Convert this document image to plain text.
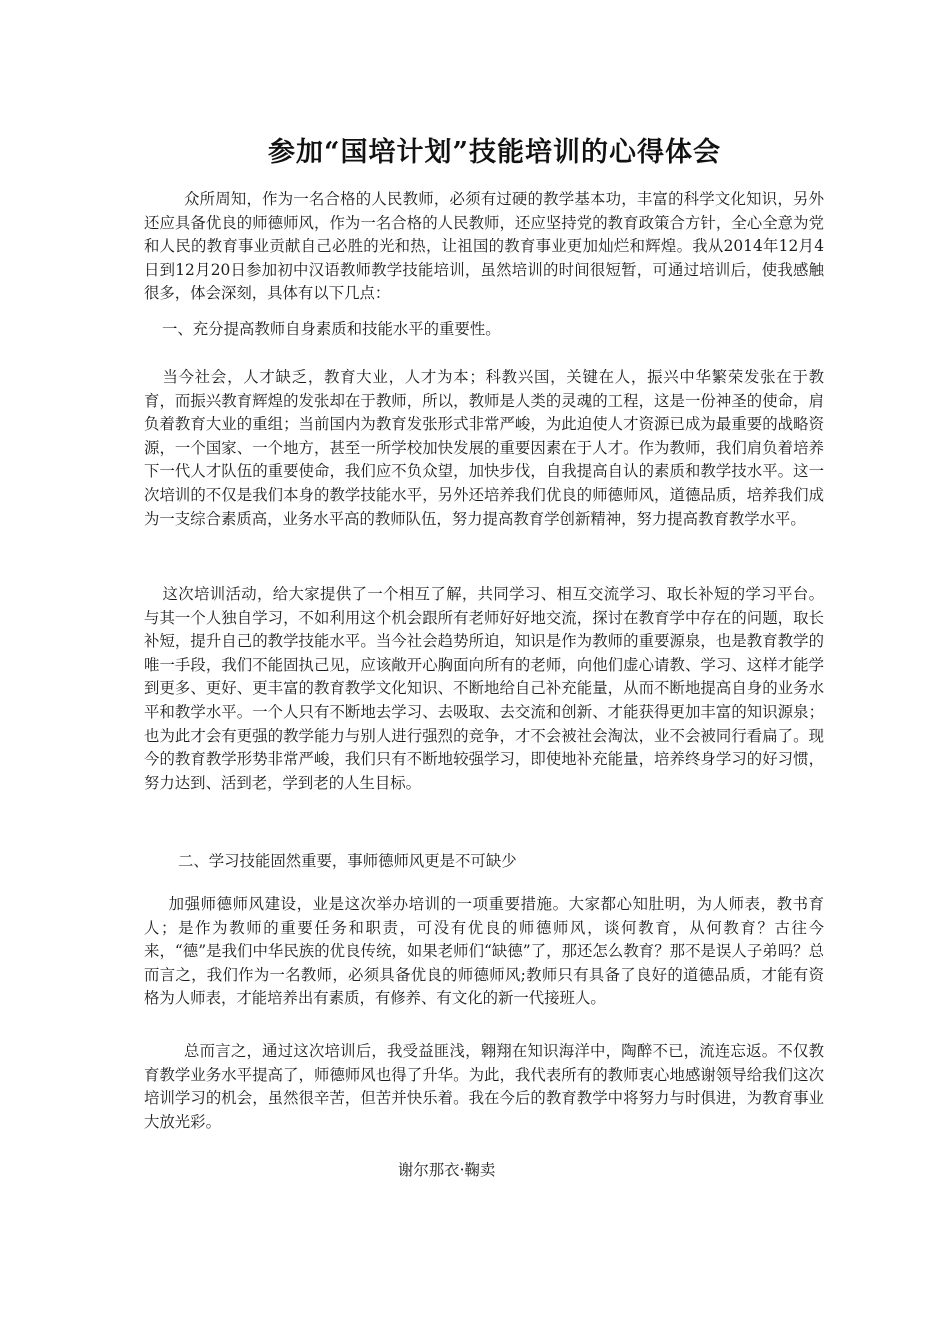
参加“国培计划”技能培训的心得体会

众所周知，作为一名合格的人民教师，必须有过硬的教学基本功，丰富的科学文化知识，另外还应具备优良的师德师风，作为一名合格的人民教师，还应坚持党的教育政策合方针，全心全意为党和人民的教育事业贡献自己必胜的光和热，让祖国的教育事业更加灿烂和辉煌。我从2014年12月4日到12月20日参加初中汉语教师教学技能培训，虽然培训的时间很短暂，可通过培训后，使我感触很多，体会深刻，具体有以下几点：

一、充分提高教师自身素质和技能水平的重要性。

当今社会，人才缺乏，教育大业，人才为本；科教兴国，关键在人，振兴中华繁荣发张在于教育，而振兴教育辉煌的发张却在于教师，所以，教师是人类的灵魂的工程，这是一份神圣的使命，肩负着教育大业的重组；当前国内为教育发张形式非常严峻，为此迫使人才资源已成为最重要的战略资源，一个国家、一个地方，甚至一所学校加快发展的重要因素在于人才。作为教师，我们肩负着培养下一代人才队伍的重要使命，我们应不负众望，加快步伐，自我提高自认的素质和教学技水平。这一次培训的不仅是我们本身的教学技能水平，另外还培养我们优良的师德师风，道德品质，培养我们成为一支综合素质高，业务水平高的教师队伍，努力提高教育学创新精神，努力提高教育教学水平。

这次培训活动，给大家提供了一个相互了解，共同学习、相互交流学习、取长补短的学习平台。与其一个人独自学习，不如利用这个机会跟所有老师好好地交流，探讨在教育学中存在的问题，取长补短，提升自己的教学技能水平。当今社会趋势所迫，知识是作为教师的重要源泉，也是教育教学的唯一手段，我们不能固执己见，应该敞开心胸面向所有的老师，向他们虚心请教、学习、这样才能学到更多、更好、更丰富的教育教学文化知识、不断地给自己补充能量，从而不断地提高自身的业务水平和教学水平。一个人只有不断地去学习、去吸取、去交流和创新、才能获得更加丰富的知识源泉；也为此才会有更强的教学能力与别人进行强烈的竞争，才不会被社会淘汰，业不会被同行看扁了。现今的教育教学形势非常严峻，我们只有不断地较强学习，即使地补充能量，培养终身学习的好习惯，努力达到、活到老，学到老的人生目标。

二、学习技能固然重要，事师德师风更是不可缺少

加强师德师风建设，业是这次举办培训的一项重要措施。大家都心知肚明，为人师表，教书育人；是作为教师的重要任务和职责，可没有优良的师德师风，谈何教育，从何教育？古往今来，“德”是我们中华民族的优良传统，如果老师们“缺德”了，那还怎么教育？那不是误人子弟吗？总而言之，我们作为一名教师，必须具备优良的师德师风;教师只有具备了良好的道德品质，才能有资格为人师表，才能培养出有素质，有修养、有文化的新一代接班人。

总而言之，通过这次培训后，我受益匪浅，翱翔在知识海洋中，陶醉不已，流连忘返。不仅教育教学业务水平提高了，师德师风也得了升华。为此，我代表所有的教师衷心地感谢领导给我们这次培训学习的机会，虽然很辛苦，但苦并快乐着。我在今后的教育教学中将努力与时俱进，为教育事业大放光彩。

谢尔那衣·鞠卖
